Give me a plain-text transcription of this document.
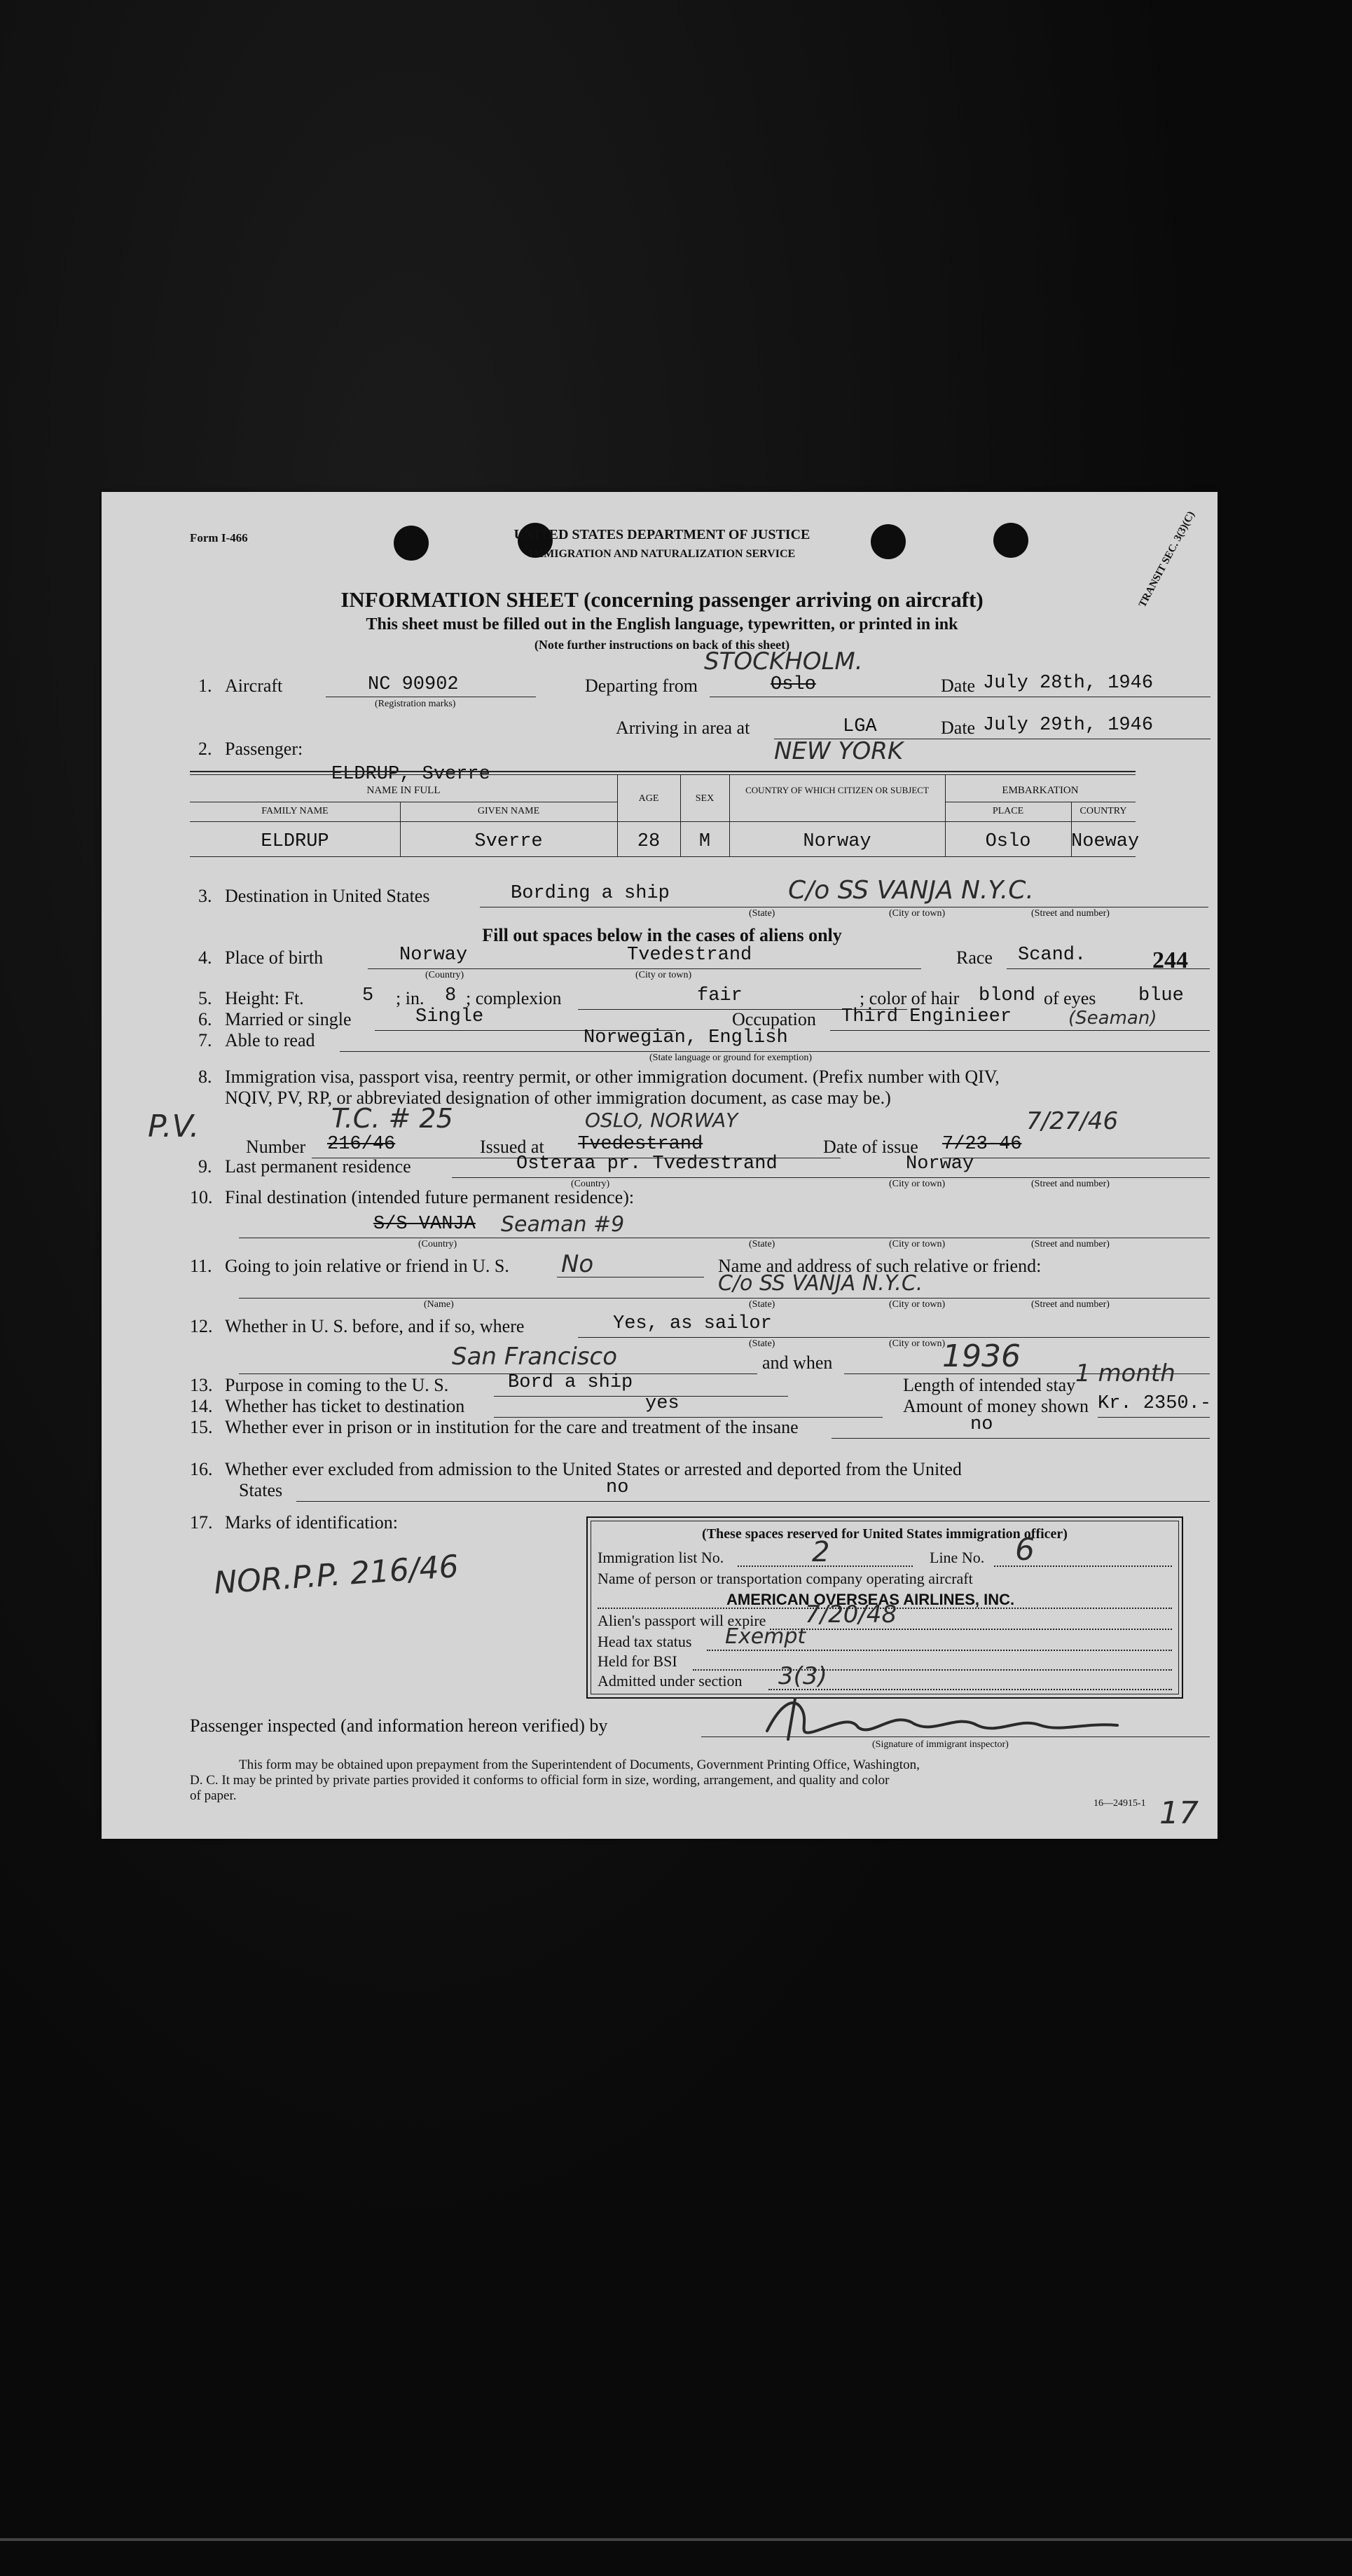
Form I-466	UNITED STATES DEPARTMENT OF JUSTICE
IMMIGRATION AND NATURALIZATION SERVICE
INFORMATION SHEET (concerning passenger arriving on aircraft)
This sheet must be filled out in the English language, typewritten, or printed in ink
(Note further instructions on back of this sheet)
TRANSIT SEC. 3(3)(C)
1. Aircraft	NC 90902
(Registration marks)
Departing from	Oslo
STOCKHOLM.
Date July 28th, 1946
Arriving in area at	LGA	Date July 29th, 1946
NEW YORK
2. Passenger:
ELDRUP, Sverre
NAME IN FULL
FAMILY NAME	GIVEN NAME
AGE	SEX
COUNTRY OF WHICH CITIZEN OR SUBJECT	EMBARKATION
PLACE	COUNTRY
ELDRUP	Sverre	28	M	Norway	Oslo	Noeway
3. Destination in United States	Bording a ship	C/o SS VANJA N.Y.C.
(State)	(City or town)	(Street and number)
Fill out spaces below in the cases of aliens only
4. Place of birth	Norway	Tvedestrand
(Country)	(City or town)
Race Scand.	244
5. Height: Ft.	5 ; in. 8 ; complexion	fair	; color of hair blond of eyes blue
6. Married or single	Single	Occupation Third Enginieer	(Seaman)
7. Able to read	Norwegian, English
(State language or ground for exemption)
8. Immigration visa, passport visa, reentry permit, or other immigration document. (Prefix number with QIV,
NQIV, PV, RP, or abbreviated designation of other immigration document, as case may be.)
P.V.	T.C. # 25	OSLO, NORWAY	7/27/46
Number 216/46	Issued at Tvedestrand	Date of issue 7/23-46
9. Last permanent residence	Osteraa pr. Tvedestrand	Norway
(Country)	(City or town)	(Street and number)
10. Final destination (intended future permanent residence):
S/S VANJA Seaman #9
(Country)	(State)	(City or town)	(Street and number)
11. Going to join relative or friend in U. S. No	Name and address of such relative or friend:
C/o SS VANJA N.Y.C.
(Name)	(State)	(City or town)	(Street and number)
12. Whether in U. S. before, and if so, where	Yes, as sailor
(State)	(City or town)
San Francisco	and when	1936
13. Purpose in coming to the U. S.	Bord a ship	Length of intended stay 1 month
14. Whether has ticket to destination	yes	Amount of money shown Kr. 2350.-
15. Whether ever in prison or in institution for the care and treatment of the insane	no
16. Whether ever excluded from admission to the United States or arrested and deported from the United
States	no
17. Marks of identification:
NOR.P.P. 216/46
(These spaces reserved for United States immigration officer)
Immigration list No.	2	Line No. 6
Name of person or transportation company operating aircraft
AMERICAN OVERSEAS AIRLINES, INC.
Alien's passport will expire 7/20/48
Head tax status Exempt
Held for BSI
Admitted under section 3(3)
Passenger inspected (and information hereon verified) by
(Signature of immigrant inspector)
This form may be obtained upon prepayment from the Superintendent of Documents, Government Printing Office, Washington,
D. C. It may be printed by private parties provided it conforms to official form in size, wording, arrangement, and quality and color
of paper.
16—24915-1 17
